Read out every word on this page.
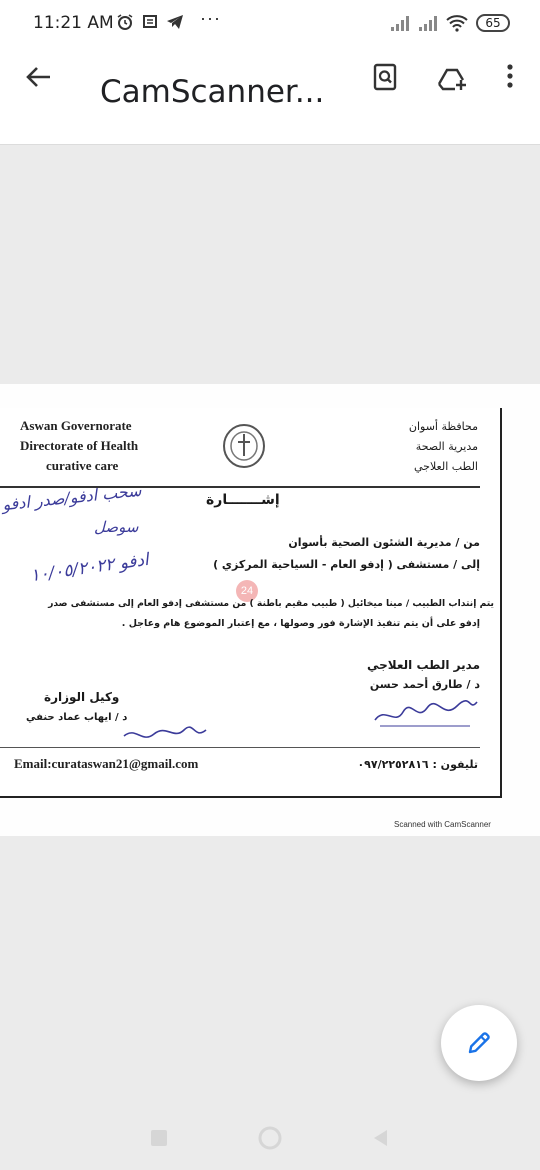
11:21 AM	···	65
CamScanner...
Aswan Governorate
Directorate of Health
curative care
محافظة أسوان
مديرية الصحة
الطب العلاجي
إشـــــــارة
سحب ادفو/صدر ادفو
سوصل
من / مديرية الشئون الصحية بأسوان
إلى / مستشفى ( إدفو العام - السياحية المركزي )
ادفو ١٠/٠٥/٢٠٢٢
24
يتم إنتداب الطبيب / مينا ميخائيل ( طبيب مقيم باطنة ) من مستشفى إدفو العام إلى مستشفى صدر
إدفو على أن يتم تنفيذ الإشارة فور وصولها ، مع إعتبار الموضوع هام وعاجل .
مدير الطب العلاجي
د / طارق أحمد حسن
وكيل الوزارة
د / ايهاب عماد حنفي
Email:curataswan21@gmail.com	تليفون : ٠٩٧/٢٢٥٢٨١٦
Scanned with CamScanner
